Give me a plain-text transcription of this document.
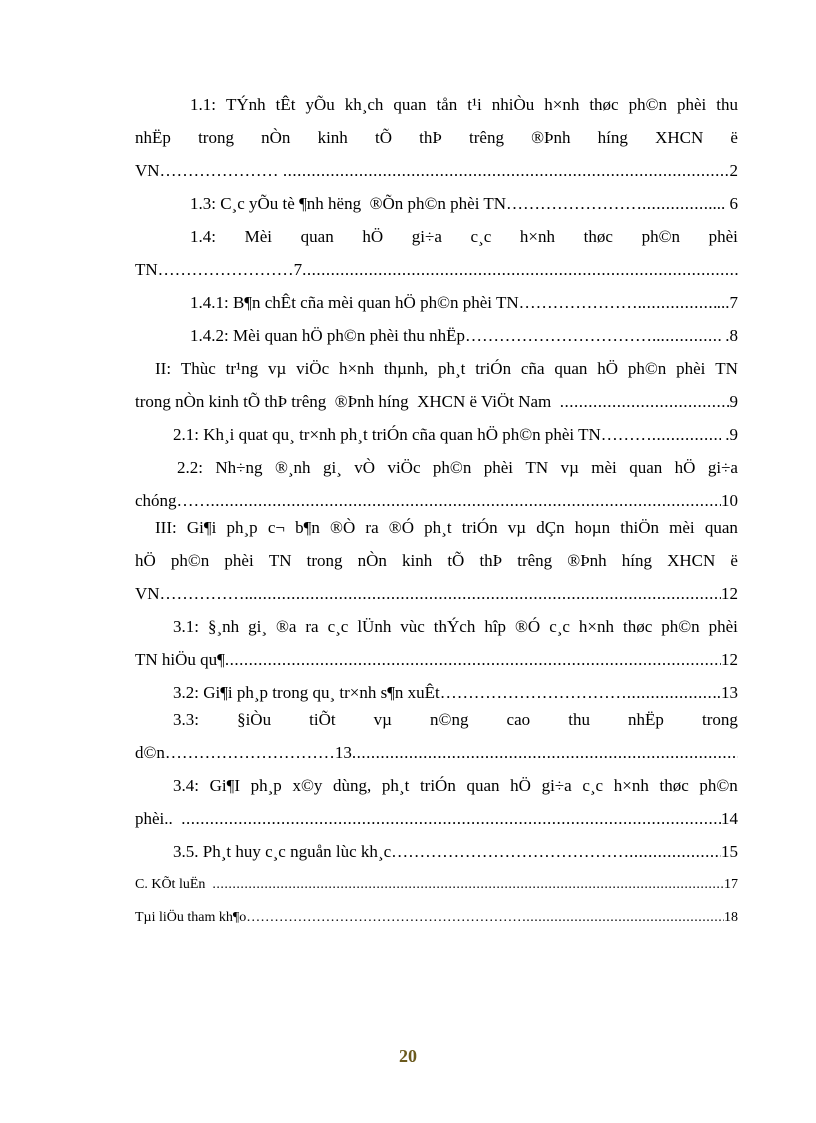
1.1: TÝnh tÊt yÕu kh¸ch quan tån t¹i nhiÒu h×nh thøc ph©n phèi thu
nhËp trong nÒn kinh tÕ thÞ trêng ®Þnh híng XHCN ë
VN………………… .....	2
1.3: C¸c yÕu tè ¶nh hëng  ®Õn ph©n phèi TN…………………… .....	.... 6
1.4: Mèi quan hÖ gi÷a c¸c h×nh thøc ph©n phèi
TN……………………7
.....
1.4.1: B¶n chÊt cña mèi quan hÖ ph©n phèi TN…………………. .....	...7
1.4.2: Mèi quan hÖ ph©n phèi thu nhËp…………………………….. .....	.8
II: Thùc tr¹ng vµ viÖc h×nh thµnh, ph¸t triÓn cña quan hÖ ph©n phèi TN
trong nÒn kinh tÕ thÞ trêng  ®Þnh híng  XHCN ë ViÖt Nam .....	9
2.1: Kh¸i quat qu¸ tr×nh ph¸t triÓn cña quan hÖ ph©n phèi TN……… .....	.9
2.2: Nh÷ng ®¸nh gi¸ vÒ viÖc ph©n phèi TN vµ mèi quan hÖ gi÷a
chóng…… .....	10
III: Gi¶i ph¸p c¬ b¶n ®Ò ra ®Ó ph¸t triÓn vµ dÇn hoµn thiÖn mèi quan
hÖ ph©n phèi TN trong nÒn kinh tÕ thÞ trêng ®Þnh híng XHCN ë
VN…………….. .....	12
3.1: §¸nh gi¸ ®a ra c¸c lÜnh vùc thÝch hîp ®Ó c¸c h×nh thøc ph©n phèi
TN hiÖu qu¶ .....	12
3.2: Gi¶i ph¸p trong qu¸ tr×nh s¶n xuÊt…………………………… .....	..13
3.3: §iÒu tiÕt vµ n©ng cao thu nhËp trong
d©n…………………………13
.....
3.4: Gi¶I ph¸p x©y dùng, ph¸t triÓn quan hÖ gi÷a c¸c h×nh thøc ph©n
phèi.. .....	14
3.5. Ph¸t huy c¸c nguån lùc kh¸c…………………………………… .....	15
C. KÕt luËn .....	17
Tµi liÖu tham kh¶o…………………………………………………… .....	18
20
